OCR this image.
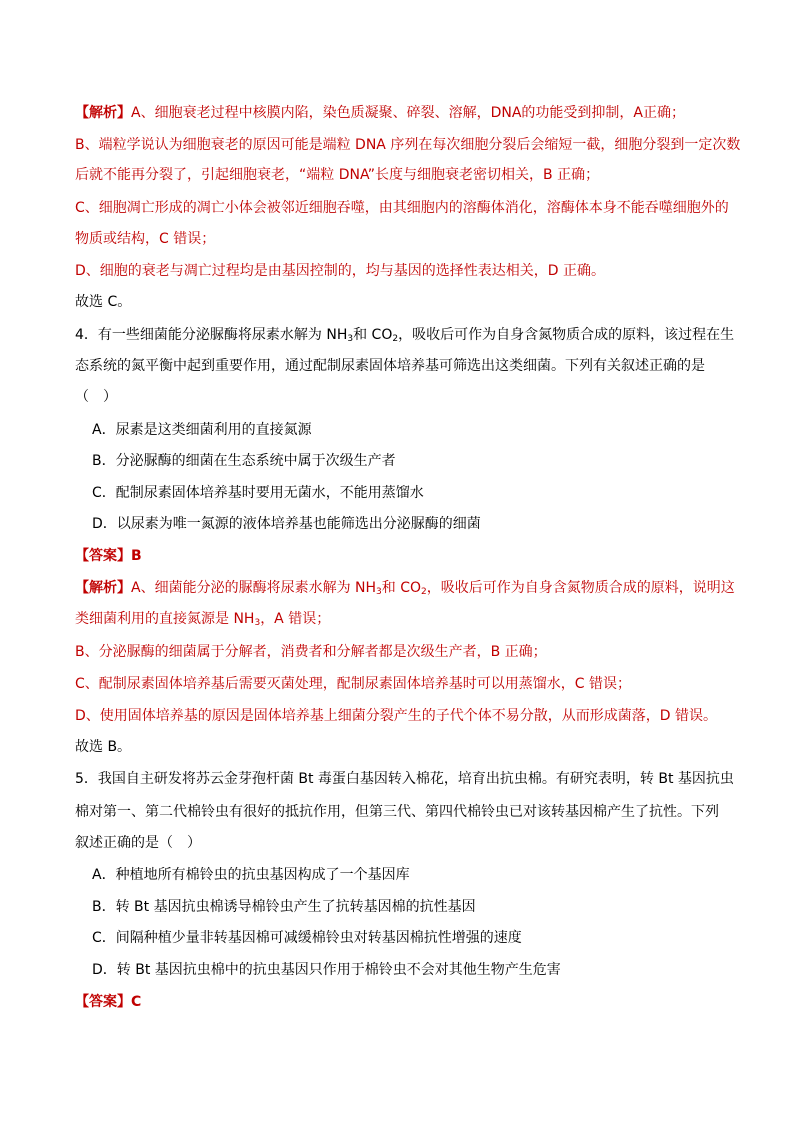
【解析】A、细胞衰老过程中核膜内陷，染色质凝聚、碎裂、溶解，DNA的功能受到抑制，A正确；
B、端粒学说认为细胞衰老的原因可能是端粒 DNA 序列在每次细胞分裂后会缩短一截，细胞分裂到一定次数
后就不能再分裂了，引起细胞衰老，“端粒 DNA”长度与细胞衰老密切相关，B 正确；
C、细胞凋亡形成的凋亡小体会被邻近细胞吞噬，由其细胞内的溶酶体消化，溶酶体本身不能吞噬细胞外的
物质或结构，C 错误；
D、细胞的衰老与凋亡过程均是由基因控制的，均与基因的选择性表达相关，D 正确。
故选 C。
4．有一些细菌能分泌脲酶将尿素水解为 $NH_3$和 $CO_2$，吸收后可作为自身含氮物质合成的原料，该过程在生
态系统的氮平衡中起到重要作用，通过配制尿素固体培养基可筛选出这类细菌。下列有关叙述正确的是
（　）
A．尿素是这类细菌利用的直接氮源
B．分泌脲酶的细菌在生态系统中属于次级生产者
C．配制尿素固体培养基时要用无菌水，不能用蒸馏水
D．以尿素为唯一氮源的液体培养基也能筛选出分泌脲酶的细菌
【答案】B
【解析】A、细菌能分泌的脲酶将尿素水解为 $NH_3$和 $CO_2$，吸收后可作为自身含氮物质合成的原料，说明这
类细菌利用的直接氮源是 $NH_3$，A 错误；
B、分泌脲酶的细菌属于分解者，消费者和分解者都是次级生产者，B 正确；
C、配制尿素固体培养基后需要灭菌处理，配制尿素固体培养基时可以用蒸馏水，C 错误；
D、使用固体培养基的原因是固体培养基上细菌分裂产生的子代个体不易分散，从而形成菌落，D 错误。
故选 B。
5．我国自主研发将苏云金芽孢杆菌 Bt 毒蛋白基因转入棉花，培育出抗虫棉。有研究表明，转 Bt 基因抗虫
棉对第一、第二代棉铃虫有很好的抵抗作用，但第三代、第四代棉铃虫已对该转基因棉产生了抗性。下列
叙述正确的是（　）
A．种植地所有棉铃虫的抗虫基因构成了一个基因库
B．转 Bt 基因抗虫棉诱导棉铃虫产生了抗转基因棉的抗性基因
C．间隔种植少量非转基因棉可减缓棉铃虫对转基因棉抗性增强的速度
D．转 Bt 基因抗虫棉中的抗虫基因只作用于棉铃虫不会对其他生物产生危害
【答案】C
